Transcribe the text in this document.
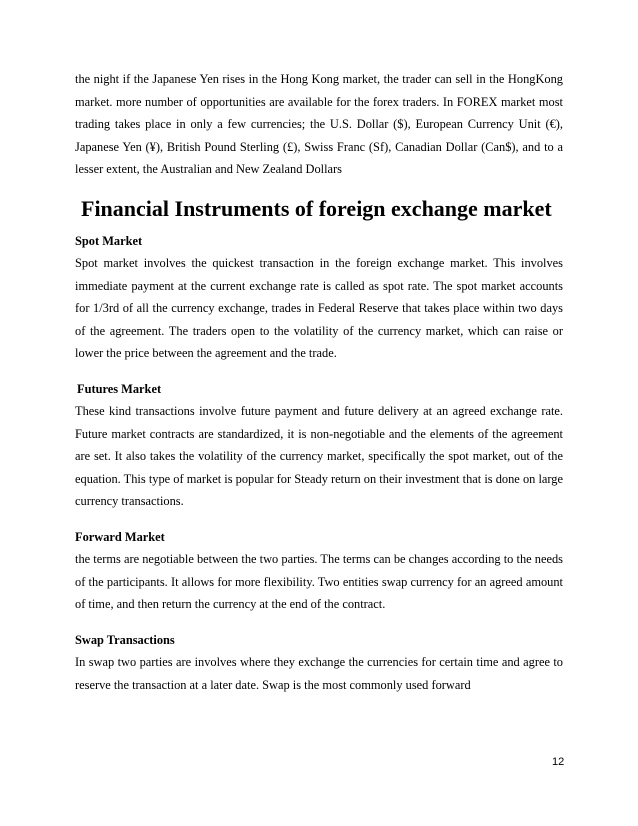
the night if the Japanese Yen rises in the Hong Kong market, the trader can sell in the HongKong market. more number of opportunities are available for the forex traders. In FOREX market most trading takes place in only a few currencies; the U.S. Dollar ($), European Currency Unit (€), Japanese Yen (¥), British Pound Sterling (£), Swiss Franc (Sf), Canadian Dollar (Can$), and to a lesser extent, the Australian and New Zealand Dollars

Financial Instruments of foreign exchange market

Spot Market

Spot market involves the quickest transaction in the foreign exchange market. This involves immediate payment at the current exchange rate is called as spot rate. The spot market accounts for 1/3rd of all the currency exchange, trades in Federal Reserve that takes place within two days of the agreement. The traders open to the volatility of the currency market, which can raise or lower the price between the agreement and the trade.

Futures Market

These kind transactions involve future payment and future delivery at an agreed exchange rate. Future market contracts are standardized, it is non-negotiable and the elements of the agreement are set. It also takes the volatility of the currency market, specifically the spot market, out of the equation. This type of market is popular for Steady return on their investment that is done on large currency transactions.

Forward Market

the terms are negotiable between the two parties. The terms can be changes according to the needs of the participants. It allows for more flexibility. Two entities swap currency for an agreed amount of time, and then return the currency at the end of the contract.

Swap Transactions

In swap two parties are involves where they exchange the currencies for certain time and agree to reserve the transaction at a later date. Swap is the most commonly used forward

12
